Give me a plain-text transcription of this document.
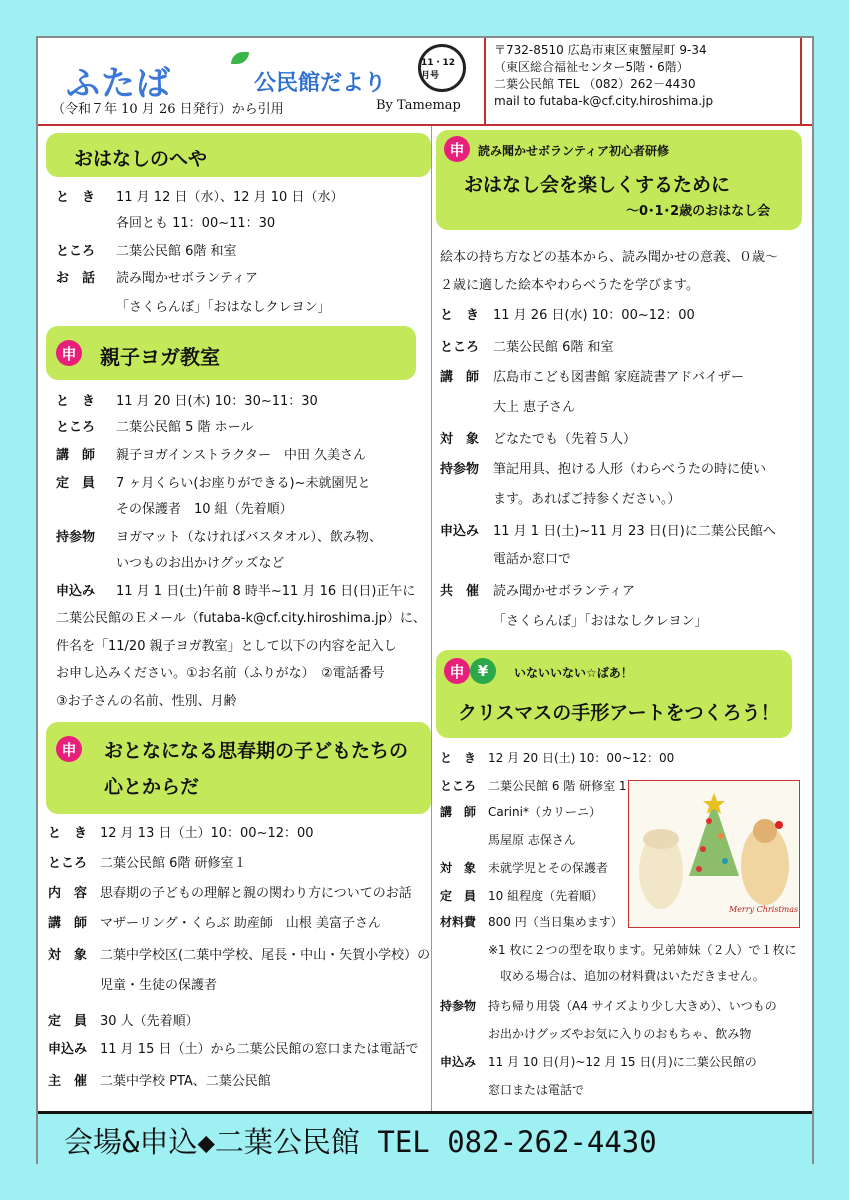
ふたば	公民館だより
11・12月号
（令和７年 10 月 26 日発行）から引用	By Tamemap
〒732-8510 広島市東区東蟹屋町 9-34
（東区総合福祉センター5階・6階）
二葉公民館 TEL （082）262－4430
mail to futaba-k@cf.city.hiroshima.jp
おはなしのへや
と　き 11 月 12 日（水）、12 月 10 日（水）
各回とも 11：00~11：30
ところ 二葉公民館 6階 和室
お　話 読み聞かせボランティア
「さくらんぼ」「おはなしクレヨン」
申 親子ヨガ教室
と　き 11 月 20 日(木) 10：30~11：30
ところ 二葉公民館 5 階 ホール
講　師 親子ヨガインストラクター　中田 久美さん
定　員 7 ヶ月くらい(お座りができる)~未就園児と
その保護者　10 組（先着順）
持参物 ヨガマット（なければバスタオル）、飲み物、
いつものお出かけグッズなど
申込み 11 月 1 日(土)午前 8 時半~11 月 16 日(日)正午に
二葉公民館のＥメール（futaba-k@cf.city.hiroshima.jp）に、
件名を「11/20 親子ヨガ教室」として以下の内容を記入し
お申し込みください。①お名前（ふりがな）　②電話番号
③お子さんの名前、性別、月齢
申 おとなになる思春期の子どもたちの
心とからだ
と　き 12 月 13 日（土）10：00~12：00
ところ 二葉公民館 6階 研修室１
内　容 思春期の子どもの理解と親の関わり方についてのお話
講　師 マザーリング・くらぶ 助産師　山根 美富子さん
対　象 二葉中学校区(二葉中学校、尾長・中山・矢賀小学校）の
児童・生徒の保護者
定　員 30 人（先着順）
申込み 11 月 15 日（土）から二葉公民館の窓口または電話で
主　催 二葉中学校 PTA、二葉公民館
申	読み聞かせボランティア初心者研修
おはなし会を楽しくするために
～0･1･2歳のおはなし会
絵本の持ち方などの基本から、読み聞かせの意義、０歳～
２歳に適した絵本やわらべうたを学びます。
と　き 11 月 26 日(水) 10：00~12：00
ところ 二葉公民館 6階 和室
講　師 広島市こども図書館 家庭読書アドバイザー
大上 恵子さん
対　象 どなたでも（先着５人）
持参物 筆記用具、抱ける人形（わらべうたの時に使い
ます。あればご持参ください。）
申込み 11 月 1 日(土)~11 月 23 日(日)に二葉公民館へ
電話か窓口で
共　催 読み聞かせボランティア
「さくらんぼ」「おはなしクレヨン」
申 ¥	いないいない☆ばあ！
クリスマスの手形アートをつくろう！
と　き 12 月 20 日(土) 10：00~12：00
ところ 二葉公民館 6 階 研修室 1
講　師 Carini*（カリーニ）
馬屋原 志保さん
対　象 未就学児とその保護者
定　員 10 組程度（先着順）
材料費 800 円（当日集めます）
※1 枚に２つの型を取ります。兄弟姉妹（２人）で１枚に
収める場合は、追加の材料費はいただきません。
持参物 持ち帰り用袋（A4 サイズより少し大きめ）、いつもの
お出かけグッズやお気に入りのおもちゃ、飲み物
申込み 11 月 10 日(月)~12 月 15 日(月)に二葉公民館の
窓口または電話で
Merry Christmas
会場&申込◆二葉公民館 TEL 082-262-4430
